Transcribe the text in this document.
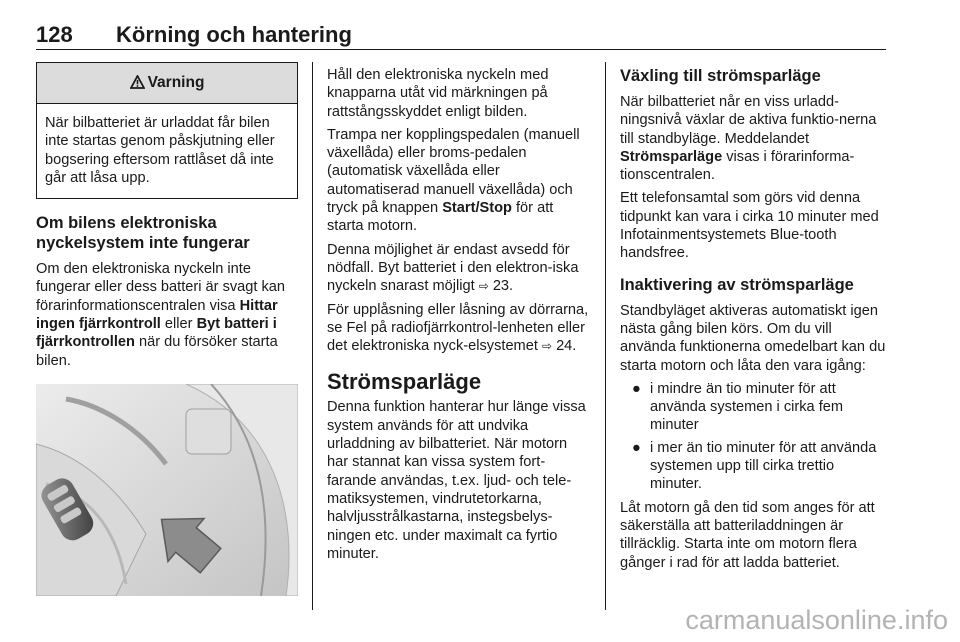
128 Körning och hantering
Varning
När bilbatteriet är urladdat får bilen inte startas genom påskjutning eller bogsering eftersom rattlåset då inte går att låsa upp.
Om bilens elektroniska nyckelsystem inte fungerar

Om den elektroniska nyckeln inte fungerar eller dess batteri är svagt kan förarinformationscentralen visa Hittar ingen fjärrkontroll eller Byt batteri i fjärrkontrollen när du försöker starta bilen.

Håll den elektroniska nyckeln med knapparna utåt vid märkningen på rattstångsskyddet enligt bilden.

Trampa ner kopplingspedalen (manuell växellåda) eller broms-pedalen (automatisk växellåda eller automatiserad manuell växellåda) och tryck på knappen Start/Stop för att starta motorn.

Denna möjlighet är endast avsedd för nödfall. Byt batteriet i den elektron-iska nyckeln snarast möjligt ⇨ 23.

För upplåsning eller låsning av dörrarna, se Fel på radiofjärrkontrol-lenheten eller det elektroniska nyck-elsystemet ⇨ 24.

Strömsparläge

Denna funktion hanterar hur länge vissa system används för att undvika urladdning av bilbatteriet. När motorn har stannat kan vissa system fort-farande användas, t.ex. ljud- och tele-matiksystemen, vindrutetorkarna, halvljusstrålkastarna, instegsbelys-ningen etc. under maximalt ca fyrtio minuter.

Växling till strömsparläge

När bilbatteriet når en viss urladd-ningsnivå växlar de aktiva funktio-nerna till standbyläge. Meddelandet Strömsparläge visas i förarinforma-tionscentralen.

Ett telefonsamtal som görs vid denna tidpunkt kan vara i cirka 10 minuter med Infotainmentsystemets Blue-tooth handsfree.

Inaktivering av strömsparläge

Standbyläget aktiveras automatiskt igen nästa gång bilen körs. Om du vill använda funktionerna omedelbart kan du starta motorn och låta den vara igång:

● i mindre än tio minuter för att använda systemen i cirka fem minuter
● i mer än tio minuter för att använda systemen upp till cirka trettio minuter.

Låt motorn gå den tid som anges för att säkerställa att batteriladdningen är tillräcklig. Starta inte om motorn flera gånger i rad för att ladda batteriet.

carmanualsonline.info
